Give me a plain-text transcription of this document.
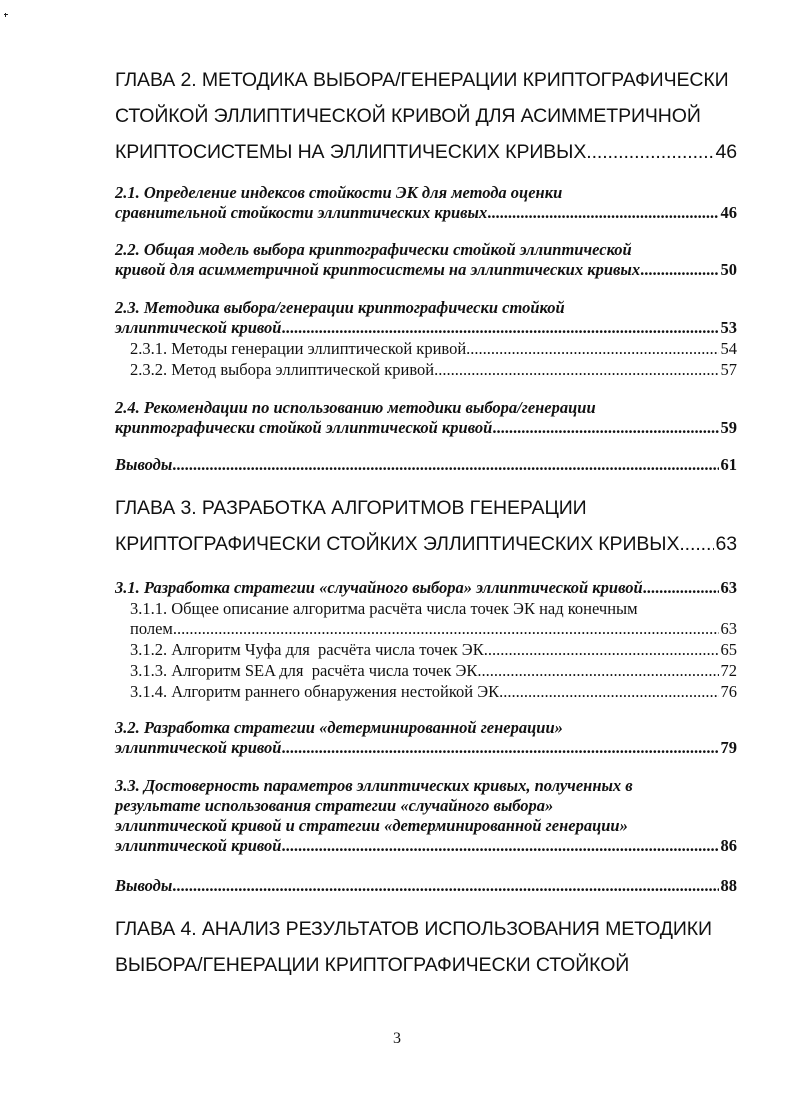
ГЛАВА 2. МЕТОДИКА ВЫБОРА/ГЕНЕРАЦИИ КРИПТОГРАФИЧЕСКИ
СТОЙКОЙ ЭЛЛИПТИЧЕСКОЙ КРИВОЙ ДЛЯ АСИММЕТРИЧНОЙ
КРИПТОСИСТЕМЫ НА ЭЛЛИПТИЧЕСКИХ КРИВЫХ .....	46
2.1. Определение индексов стойкости ЭК для метода оценки
сравнительной стойкости эллиптических кривых .....	46
2.2. Общая модель выбора криптографически стойкой эллиптической
кривой для асимметричной криптосистемы на эллиптических кривых .....	50
2.3. Методика выбора/генерации криптографически стойкой
эллиптической кривой .....	53
2.3.1. Методы генерации эллиптической кривой .....	54
2.3.2. Метод выбора эллиптической кривой .....	57
2.4. Рекомендации по использованию методики выбора/генерации
криптографически стойкой эллиптической кривой .....	59
Выводы .....	61
ГЛАВА 3. РАЗРАБОТКА АЛГОРИТМОВ ГЕНЕРАЦИИ
КРИПТОГРАФИЧЕСКИ СТОЙКИХ ЭЛЛИПТИЧЕСКИХ КРИВЫХ ..... 63
3.1. Разработка стратегии «случайного выбора» эллиптической кривой .....	63
3.1.1. Общее описание алгоритма расчёта числа точек ЭК над конечным
полем .....	63
3.1.2. Алгоритм Чуфа для  расчёта числа точек ЭК .....	65
3.1.3. Алгоритм SEA для  расчёта числа точек ЭК .....	72
3.1.4. Алгоритм раннего обнаружения нестойкой ЭК .....	76
3.2. Разработка стратегии «детерминированной генерации»
эллиптической кривой .....	79
3.3. Достоверность параметров эллиптических кривых, полученных в
результате использования стратегии «случайного выбора»
эллиптической кривой и стратегии «детерминированной генерации»
эллиптической кривой .....	86
Выводы .....	88
ГЛАВА 4. АНАЛИЗ РЕЗУЛЬТАТОВ ИСПОЛЬЗОВАНИЯ МЕТОДИКИ
ВЫБОРА/ГЕНЕРАЦИИ КРИПТОГРАФИЧЕСКИ СТОЙКОЙ
3
